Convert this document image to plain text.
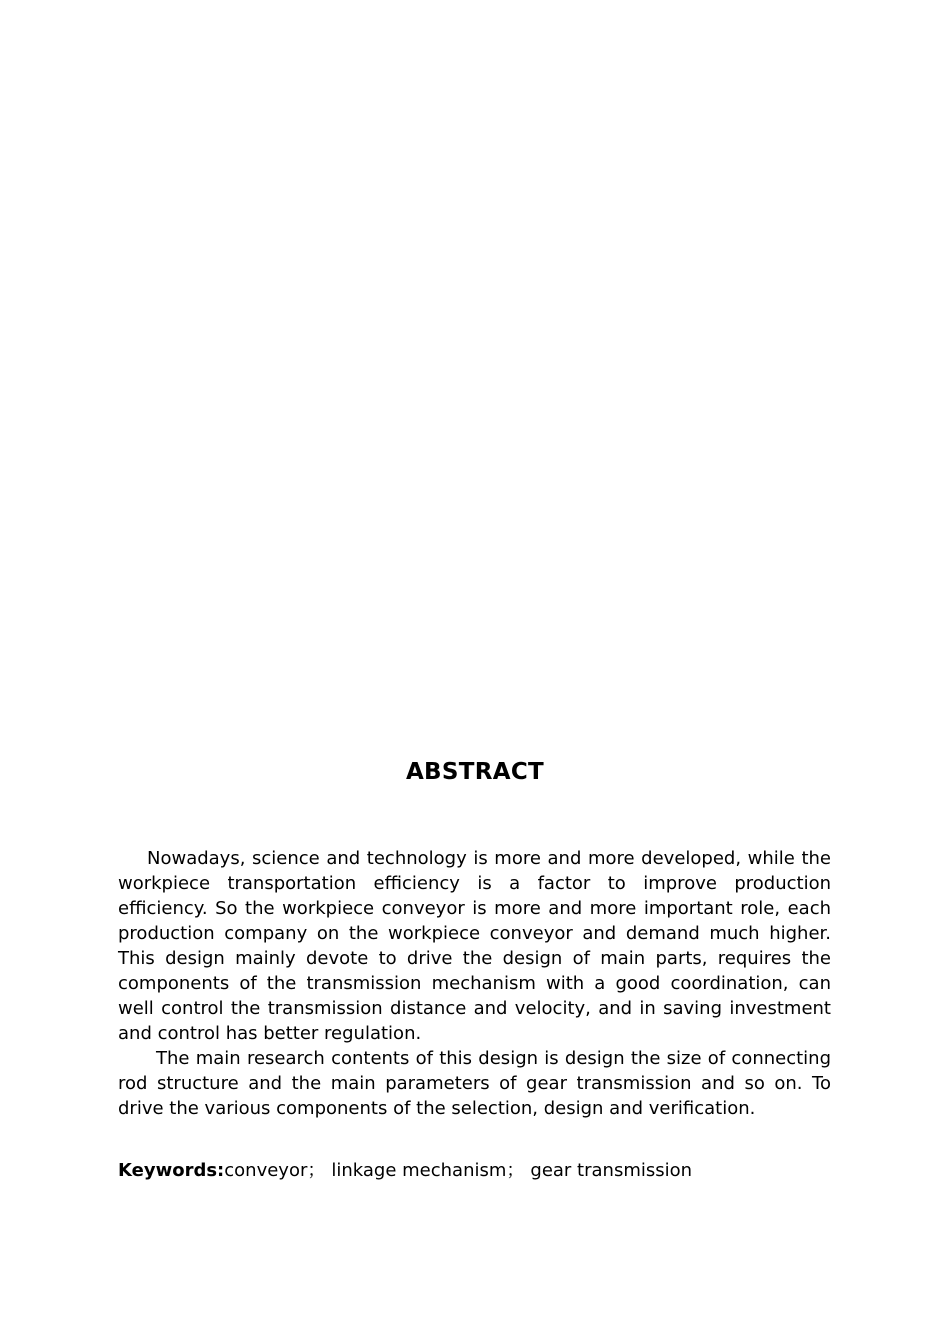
ABSTRACT

Nowadays, science and technology is more and more developed, while the workpiece transportation efficiency is a factor to improve production efficiency. So the workpiece conveyor is more and more important role, each production company on the workpiece conveyor and demand much higher. This design mainly devote to drive the design of main parts, requires the components of the transmission mechanism with a good coordination, can well control the transmission distance and velocity, and in saving investment and control has better regulation.

The main research contents of this design is design the size of connecting rod structure and the main parameters of gear transmission and so on. To drive the various components of the selection, design and verification.

Keywords:conveyor； linkage mechanism； gear transmission
